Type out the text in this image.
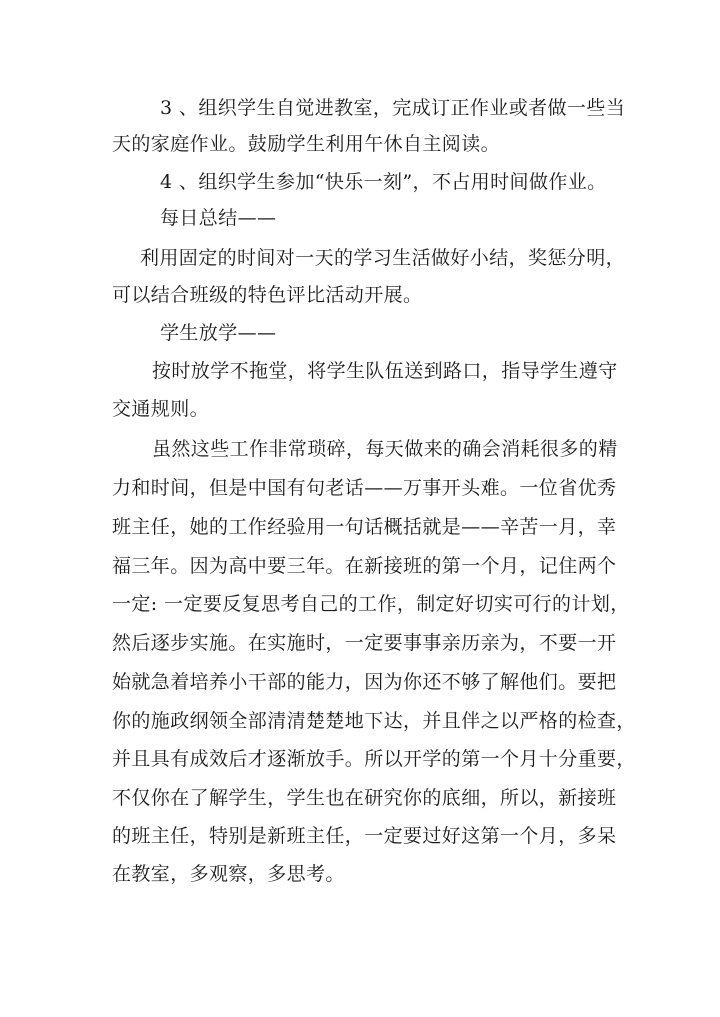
3 、组织学生自觉进教室，完成订正作业或者做一些当
天的家庭作业。鼓励学生利用午休自主阅读。
4 、组织学生参加“快乐一刻”，不占用时间做作业。
每日总结——
利用固定的时间对一天的学习生活做好小结，奖惩分明，
可以结合班级的特色评比活动开展。
学生放学——
按时放学不拖堂，将学生队伍送到路口，指导学生遵守
交通规则。
虽然这些工作非常琐碎，每天做来的确会消耗很多的精
力和时间，但是中国有句老话——万事开头难。一位省优秀
班主任，她的工作经验用一句话概括就是——辛苦一月，幸
福三年。因为高中要三年。在新接班的第一个月，记住两个
一定: 一定要反复思考自己的工作，制定好切实可行的计划，
然后逐步实施。在实施时，一定要事事亲历亲为，不要一开
始就急着培养小干部的能力，因为你还不够了解他们。要把
你的施政纲领全部清清楚楚地下达，并且伴之以严格的检查，
并且具有成效后才逐渐放手。所以开学的第一个月十分重要，
不仅你在了解学生，学生也在研究你的底细，所以，新接班
的班主任，特别是新班主任，一定要过好这第一个月，多呆
在教室，多观察，多思考。
